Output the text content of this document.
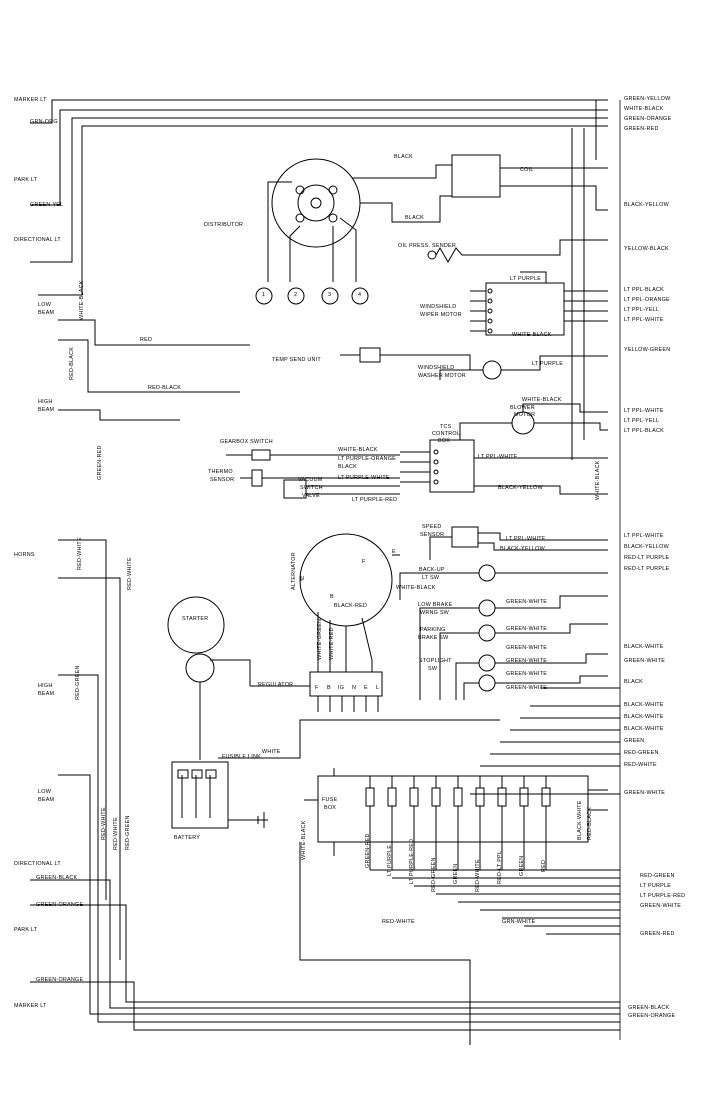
MARKER LT
GRN-ORG
PARK LT
GREEN-YEL
DIRECTIONAL LT
LOW
BEAM
HIGH
BEAM
HORNS
HIGH
BEAM
LOW
BEAM
DIRECTIONAL LT
GREEN-BLACK
PARK LT
GREEN-ORANGE
MARKER LT
GREEN-ORANGE
DISTRIBUTOR
COIL
OIL PRESS. SENDER
WINDSHIELD
WIPER MOTOR
TEMP SEND UNIT
WINDSHIELD
WASHER MOTOR
TCS
CONTROL
BOX
BLOWER
MOTOR
GEARBOX SWITCH
THERMO
SENSOR	VACUUM
SWITCH
VALVE
SPEED
SENSOR
ALTERNATOR	BACK-UP
LT SW
LOW BRAKE
WRNG SW
PARKING
BRAKE SW
STOPLIGHT
SW
STARTER
REGULATOR
FUSIBLE LINK
BATTERY
FUSE
BOX
1	2	3	4
F B IG N E L
N
B
E
F
BLACK
BLACK
RED
RED-BLACK
LT PURPLE
WHITE-BLACK
LT PURPLE
WHITE-BLACK
WHITE-BLACK
LT PURPLE-ORANGE
BLACK
LT PURPLE-WHITE
LT PURPLE-RED
LT PPL-WHITE
BLACK-YELLOW
LT PPL-WHITE
BLACK-YELLOW
WHITE-BLACK
BLACK-RED
GREEN-WHITE
GREEN-WHITE
GREEN-WHITE
GREEN-WHITE
GREEN-WHITE
GREEN-WHITE
WHITE
RED-WHITE	GRN-WHITE
WHITE-BLACK
RED-BLACK
GREEN-RED
RED-WHITE
RED-WHITE
RED-GREEN
RED-WHITE RED-WHITE RED-GREEN	WHITE-BLACK
WHITE-BLACK
WHITE-GREEN WHITE-RED
BLACK-WHITE RED-BLACK
GREEN-RED	LT PURPLE	LT PURPLE-RED	RED-GREEN	GREEN	RED-WHITE	RED-LT PPL	GREEN	RED
GREEN-YELLOW
WHITE-BLACK
GREEN-ORANGE
GREEN-RED
BLACK-YELLOW
YELLOW-BLACK
LT PPL-BLACK
LT PPL-ORANGE
LT PPL-YELL
LT PPL-WHITE
YELLOW-GREEN
LT PPL-WHITE
LT PPL-YELL
LT PPL-BLACK
LT PPL-WHITE
BLACK-YELLOW
RED-LT PURPLE
RED-LT PURPLE
BLACK-WHITE
GREEN-WHITE
BLACK
BLACK-WHITE
BLACK-WHITE
BLACK-WHITE
GREEN
RED-GREEN
RED-WHITE
GREEN-WHITE
RED-GREEN
LT PURPLE
LT PURPLE-RED
GREEN-WHITE
GREEN-RED
GREEN-BLACK
GREEN-ORANGE
